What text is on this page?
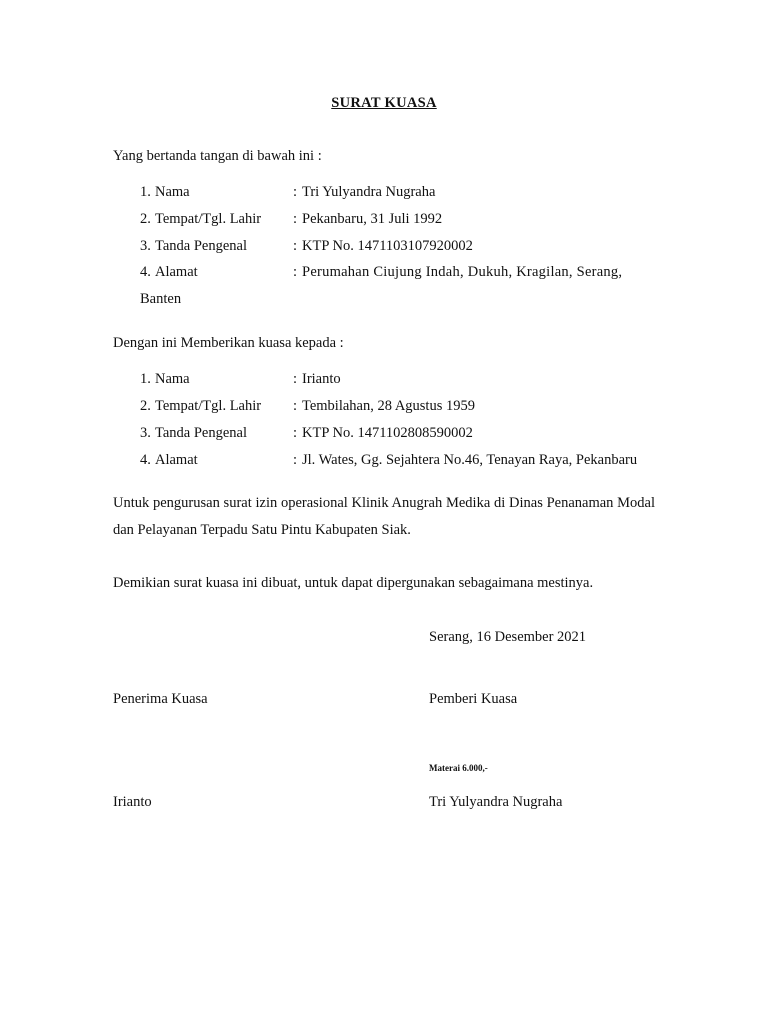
SURAT KUASA
Yang bertanda tangan di bawah ini :
1. Nama	: Tri Yulyandra Nugraha
2. Tempat/Tgl. Lahir : Pekanbaru, 31 Juli 1992
3. Tanda Pengenal	: KTP No. 1471103107920002
4. Alamat	: Perumahan Ciujung Indah, Dukuh, Kragilan, Serang,
Banten
Dengan ini Memberikan kuasa kepada :
1. Nama	: Irianto
2. Tempat/Tgl. Lahir : Tembilahan, 28 Agustus 1959
3. Tanda Pengenal	: KTP No. 1471102808590002
4. Alamat	: Jl. Wates, Gg. Sejahtera No.46, Tenayan Raya, Pekanbaru
Untuk pengurusan surat izin operasional Klinik Anugrah Medika di Dinas Penanaman Modal dan Pelayanan Terpadu Satu Pintu Kabupaten Siak.
Demikian surat kuasa ini dibuat, untuk dapat dipergunakan sebagaimana mestinya.
Serang, 16 Desember 2021
Penerima Kuasa	Pemberi Kuasa
Materai 6.000,-
Irianto	Tri Yulyandra Nugraha
